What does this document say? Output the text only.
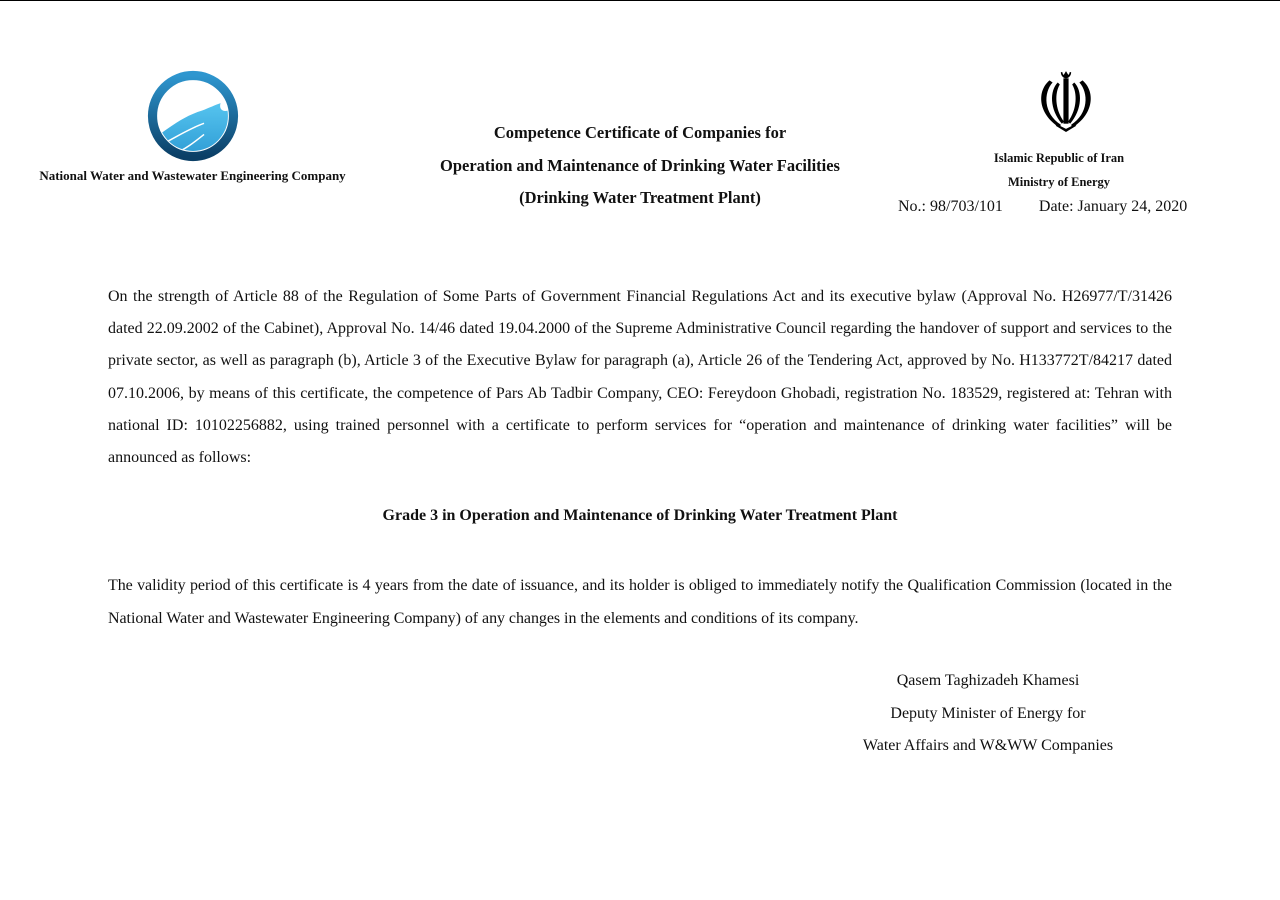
National Water and Wastewater Engineering Company
Competence Certificate of Companies for
Operation and Maintenance of Drinking Water Facilities
(Drinking Water Treatment Plant)
Islamic Republic of Iran
Ministry of Energy
No.: 98/703/101 Date: January 24, 2020
On the strength of Article 88 of the Regulation of Some Parts of Government Financial Regulations Act and its executive bylaw (Approval No. H26977/T/31426 dated 22.09.2002 of the Cabinet), Approval No. 14/46 dated 19.04.2000 of the Supreme Administrative Council regarding the handover of support and services to the private sector, as well as paragraph (b), Article 3 of the Executive Bylaw for paragraph (a), Article 26 of the Tendering Act, approved by No. H133772T/84217 dated 07.10.2006, by means of this certificate, the competence of Pars Ab Tadbir Company, CEO: Fereydoon Ghobadi, registration No. 183529, registered at: Tehran with national ID: 10102256882, using trained personnel with a certificate to perform services for “operation and maintenance of drinking water facilities” will be announced as follows:
Grade 3 in Operation and Maintenance of Drinking Water Treatment Plant
The validity period of this certificate is 4 years from the date of issuance, and its holder is obliged to immediately notify the Qualification Commission (located in the National Water and Wastewater Engineering Company) of any changes in the elements and conditions of its company.
Qasem Taghizadeh Khamesi
Deputy Minister of Energy for
Water Affairs and W&WW Companies
